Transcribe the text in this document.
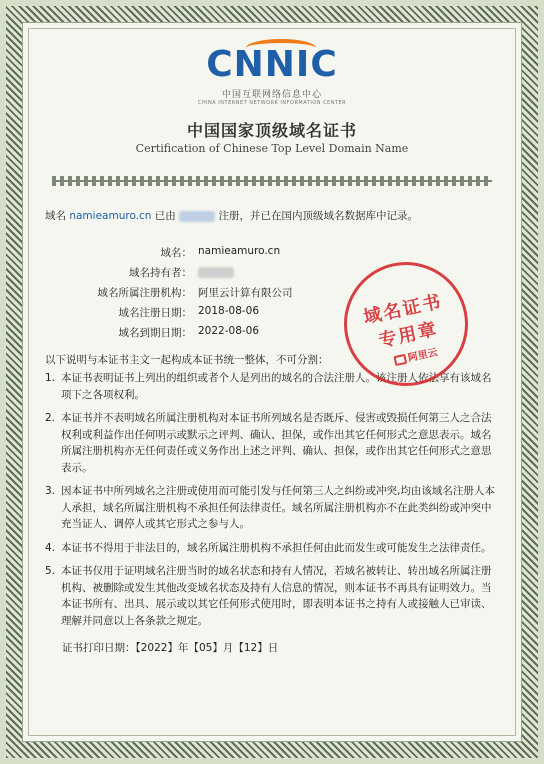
CNNIC
中国互联网络信息中心
CHINA INTERNET NETWORK INFORMATION CENTER
中国国家顶级域名证书
Certification of Chinese Top Level Domain Name
域名 namieamuro.cn 已由	注册，并已在国内顶级域名数据库中记录。
域名： namieamuro.cn
域名持有者：
域名所属注册机构： 阿里云计算有限公司
域名注册日期： 2018-08-06
域名到期日期： 2022-08-06
以下说明与本证书主文一起构成本证书统一整体，不可分割：
1. 本证书表明证书上列出的组织或者个人是列出的域名的合法注册人。该注册人依法享有该域名项下之各项权利。
2. 本证书并不表明域名所属注册机构对本证书所列域名是否既斥、侵害或毁损任何第三人之合法权利或利益作出任何明示或默示之评判、确认、担保，或作出其它任何形式之意思表示。域名所属注册机构亦无任何责任或义务作出上述之评判、确认、担保，或作出其它任何形式之意思表示。
3. 因本证书中所列域名之注册或使用而可能引发与任何第三人之纠纷或冲突,均由该域名注册人本人承担，域名所属注册机构不承担任何法律责任。域名所属注册机构亦不在此类纠纷或冲突中充当证人、调停人或其它形式之参与人。
4. 本证书不得用于非法目的，域名所属注册机构不承担任何由此而发生或可能发生之法律责任。
5. 本证书仅用于证明域名注册当时的域名状态和持有人情况，若域名被转让、转出域名所属注册机构、被删除或发生其他改变域名状态及持有人信息的情况，则本证书不再具有证明效力。当本证书所有、出具、展示或以其它任何形式使用时，即表明本证书之持有人或接触人已审读、理解并同意以上各条款之规定。
证书打印日期：【2022】年【05】月【12】日
域名证书
专用章
阿里云
